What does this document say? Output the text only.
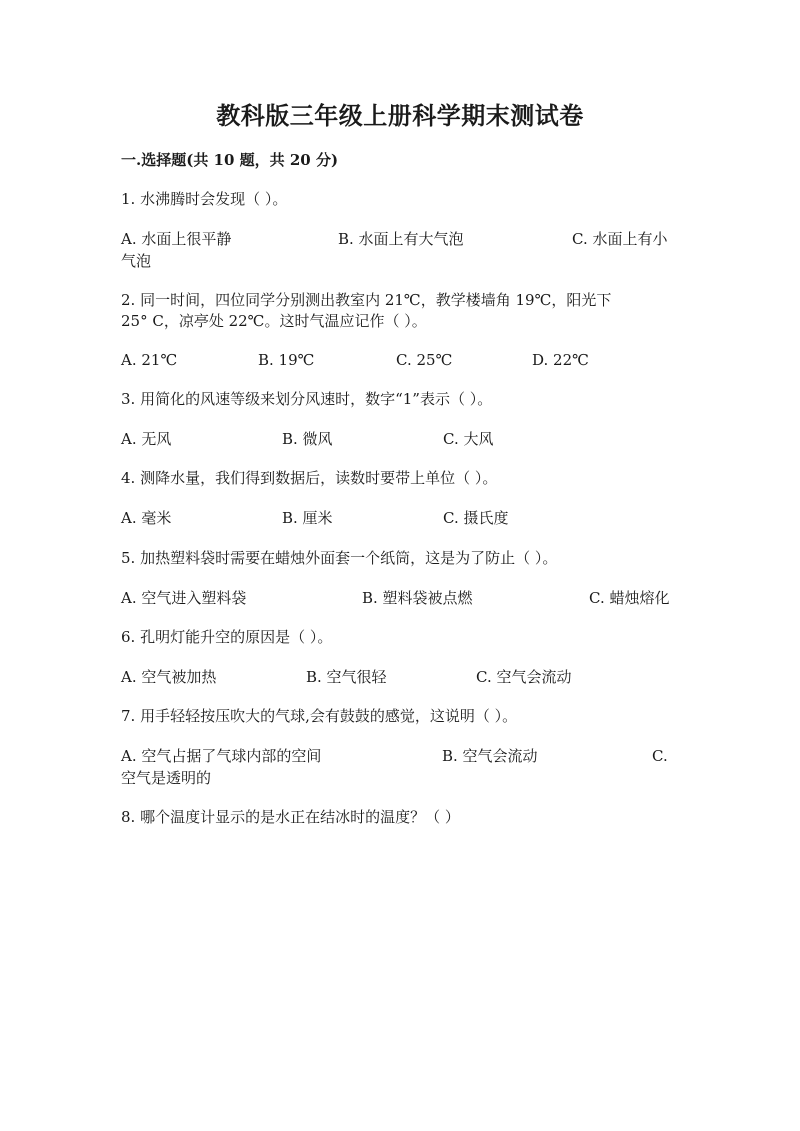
教科版三年级上册科学期末测试卷
一.选择题(共 10 题，共 20 分)
1. 水沸腾时会发现（ ）。
A. 水面上很平静	B. 水面上有大气泡	C. 水面上有小
气泡
2. 同一时间，四位同学分别测出教室内 21℃，教学楼墙角 19℃，阳光下
25° C，凉亭处 22℃。这时气温应记作（ ）。
A. 21℃	B. 19℃	C. 25℃	D. 22℃
3. 用简化的风速等级来划分风速时，数字“1”表示（ ）。
A. 无风	B. 微风	C. 大风
4. 测降水量，我们得到数据后，读数时要带上单位（ ）。
A. 毫米	B. 厘米	C. 摄氏度
5. 加热塑料袋时需要在蜡烛外面套一个纸筒，这是为了防止（ ）。
A. 空气进入塑料袋	B. 塑料袋被点燃	C. 蜡烛熔化
6. 孔明灯能升空的原因是（ ）。
A. 空气被加热	B. 空气很轻	C. 空气会流动
7. 用手轻轻按压吹大的气球,会有鼓鼓的感觉，这说明（ ）。
A. 空气占据了气球内部的空间	B. 空气会流动	C.
空气是透明的
8. 哪个温度计显示的是水正在结冰时的温度？（ ）
